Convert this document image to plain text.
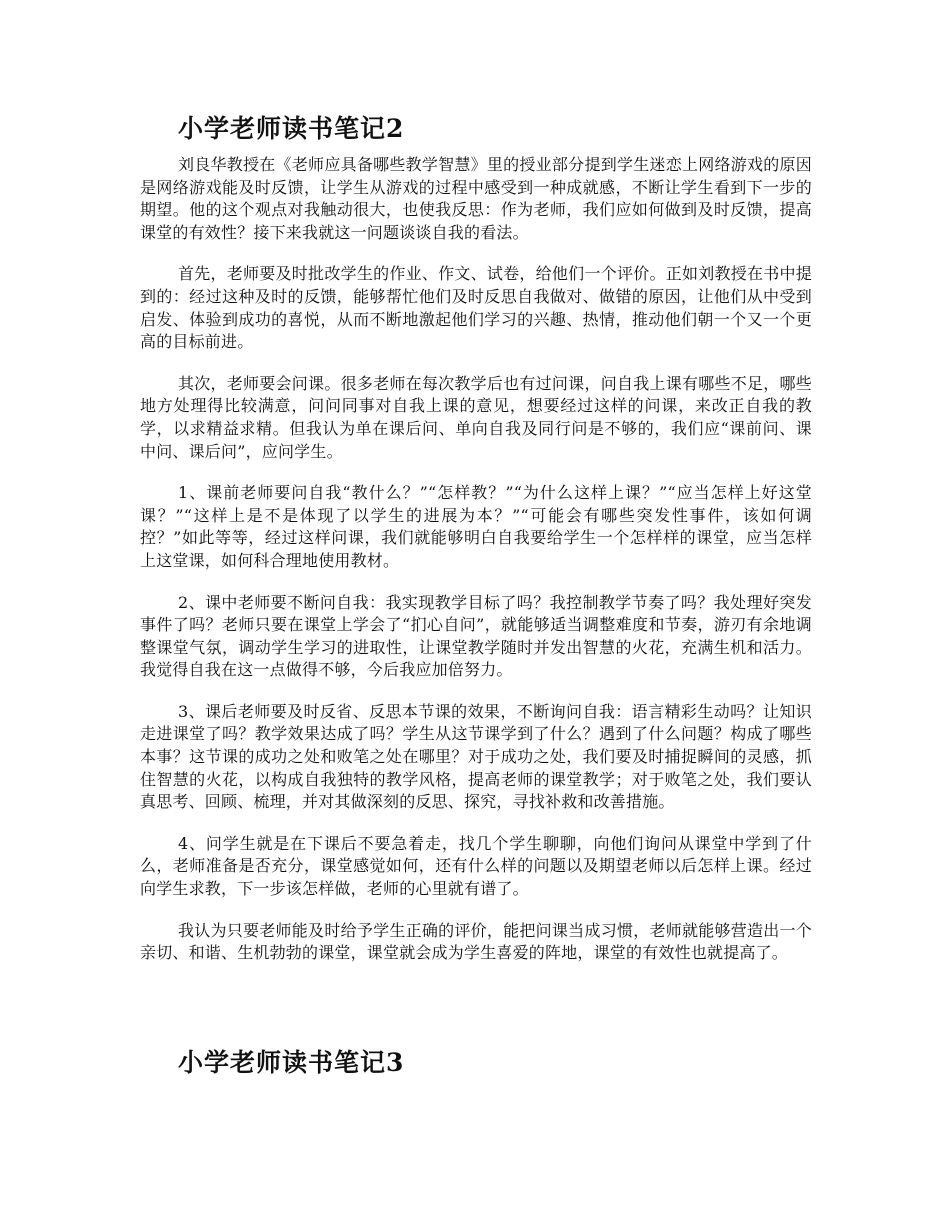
小学老师读书笔记2

刘良华教授在《老师应具备哪些教学智慧》里的授业部分提到学生迷恋上网络游戏的原因是网络游戏能及时反馈，让学生从游戏的过程中感受到一种成就感，不断让学生看到下一步的期望。他的这个观点对我触动很大，也使我反思：作为老师，我们应如何做到及时反馈，提高课堂的有效性？接下来我就这一问题谈谈自我的看法。

首先，老师要及时批改学生的作业、作文、试卷，给他们一个评价。正如刘教授在书中提到的：经过这种及时的反馈，能够帮忙他们及时反思自我做对、做错的原因，让他们从中受到启发、体验到成功的喜悦，从而不断地激起他们学习的兴趣、热情，推动他们朝一个又一个更高的目标前进。

其次，老师要会问课。很多老师在每次教学后也有过问课，问自我上课有哪些不足，哪些地方处理得比较满意，问问同事对自我上课的意见，想要经过这样的问课，来改正自我的教学，以求精益求精。但我认为单在课后问、单向自我及同行问是不够的，我们应“课前问、课中问、课后问”，应问学生。

1、课前老师要问自我“教什么？”“怎样教？”“为什么这样上课？”“应当怎样上好这堂课？”“这样上是不是体现了以学生的进展为本？”“可能会有哪些突发性事件，该如何调控？”如此等等，经过这样问课，我们就能够明白自我要给学生一个怎样样的课堂，应当怎样上这堂课，如何科合理地使用教材。

2、课中老师要不断问自我：我实现教学目标了吗？我控制教学节奏了吗？我处理好突发事件了吗？老师只要在课堂上学会了“扪心自问”，就能够适当调整难度和节奏，游刃有余地调整课堂气氛，调动学生学习的进取性，让课堂教学随时并发出智慧的火花，充满生机和活力。我觉得自我在这一点做得不够，今后我应加倍努力。

3、课后老师要及时反省、反思本节课的效果，不断询问自我：语言精彩生动吗？让知识走进课堂了吗？教学效果达成了吗？学生从这节课学到了什么？遇到了什么问题？构成了哪些本事？这节课的成功之处和败笔之处在哪里？对于成功之处，我们要及时捕捉瞬间的灵感，抓住智慧的火花，以构成自我独特的教学风格，提高老师的课堂教学；对于败笔之处，我们要认真思考、回顾、梳理，并对其做深刻的反思、探究，寻找补救和改善措施。

4、问学生就是在下课后不要急着走，找几个学生聊聊，向他们询问从课堂中学到了什么，老师准备是否充分，课堂感觉如何，还有什么样的问题以及期望老师以后怎样上课。经过向学生求教，下一步该怎样做，老师的心里就有谱了。

我认为只要老师能及时给予学生正确的评价，能把问课当成习惯，老师就能够营造出一个亲切、和谐、生机勃勃的课堂，课堂就会成为学生喜爱的阵地，课堂的有效性也就提高了。

小学老师读书笔记3
